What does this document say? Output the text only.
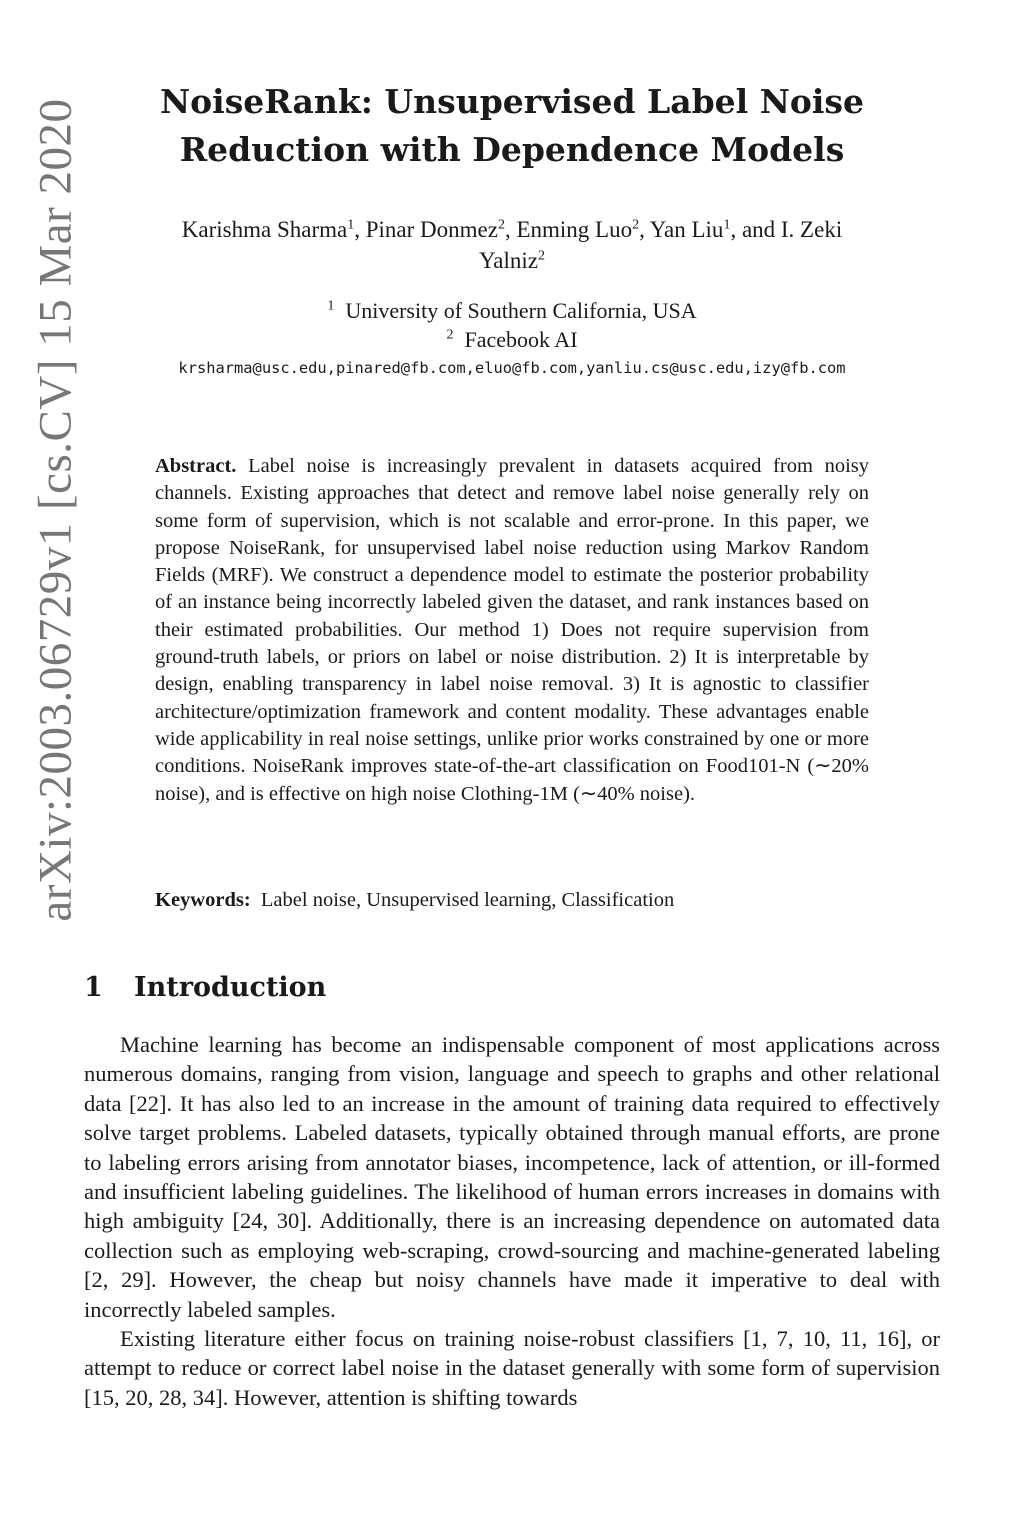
arXiv:2003.06729v1 [cs.CV] 15 Mar 2020	NoiseRank: Unsupervised Label Noise
Reduction with Dependence Models
Karishma Sharma$^1$, Pinar Donmez$^2$, Enming Luo$^2$, Yan Liu$^1$, and I. Zeki
Yalniz$^2$
$^1$ University of Southern California, USA
$^2$ Facebook AI
krsharma@usc.edu,pinared@fb.com,eluo@fb.com,yanliu.cs@usc.edu,izy@fb.com
Abstract. Label noise is increasingly prevalent in datasets acquired from noisy channels. Existing approaches that detect and remove label noise generally rely on some form of supervision, which is not scalable and error-prone. In this paper, we propose NoiseRank, for unsupervised label noise reduction using Markov Random Fields (MRF). We construct a dependence model to estimate the posterior probability of an instance being incorrectly labeled given the dataset, and rank instances based on their estimated probabilities. Our method 1) Does not require supervision from ground-truth labels, or priors on label or noise distribution. 2) It is interpretable by design, enabling transparency in label noise removal. 3) It is agnostic to classifier architecture/optimization framework and content modality. These advantages enable wide applicability in real noise settings, unlike prior works constrained by one or more conditions. NoiseRank improves state-of-the-art classification on Food101-N (∼20% noise), and is effective on high noise Clothing-1M (∼40% noise).
Keywords: Label noise, Unsupervised learning, Classification
1 Introduction

Machine learning has become an indispensable component of most applications across numerous domains, ranging from vision, language and speech to graphs and other relational data [22]. It has also led to an increase in the amount of training data required to effectively solve target problems. Labeled datasets, typically obtained through manual efforts, are prone to labeling errors arising from annotator biases, incompetence, lack of attention, or ill-formed and insufficient labeling guidelines. The likelihood of human errors increases in domains with high ambiguity [24, 30]. Additionally, there is an increasing dependence on automated data collection such as employing web-scraping, crowd-sourcing and machine-generated labeling [2, 29]. However, the cheap but noisy channels have made it imperative to deal with incorrectly labeled samples.

Existing literature either focus on training noise-robust classifiers [1, 7, 10, 11, 16], or attempt to reduce or correct label noise in the dataset generally with some form of supervision [15, 20, 28, 34]. However, attention is shifting towards
